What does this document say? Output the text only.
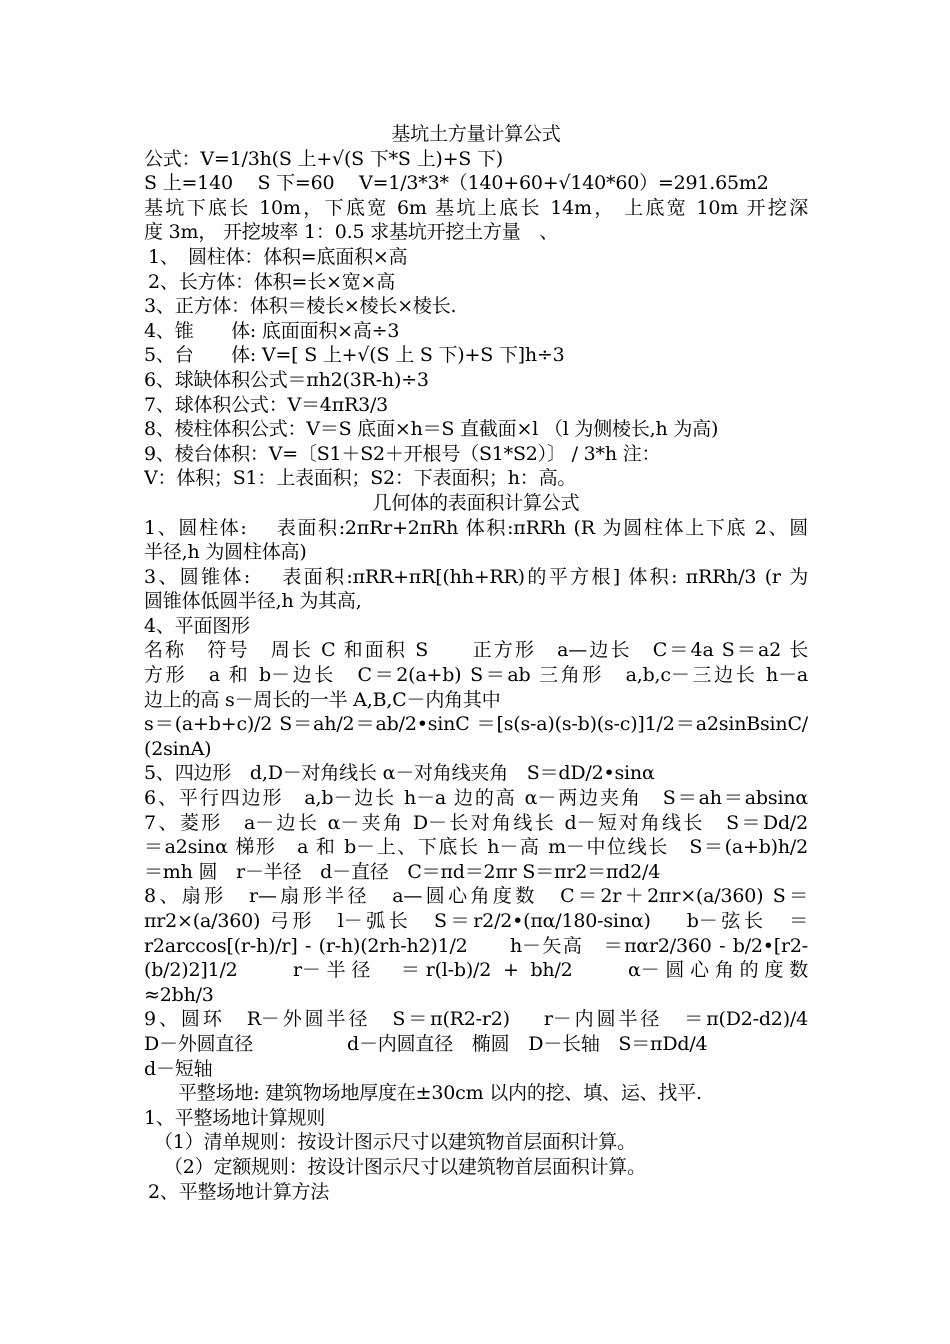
基坑土方量计算公式
公式：V=1/3h(S 上+√(S 下*S 上)+S 下)
S 上=140　 S 下=60　 V=1/3*3*（140+60+√140*60）=291.65m2
基坑下底长 10m，下底宽 6m 基坑上底长 14m， 上底宽 10m 开挖深
度 3m， 开挖坡率 1：0.5 求基坑开挖土方量　、
1、　圆柱体：体积=底面积×高
2、长方体：体积=长×宽×高
3、正方体：体积＝棱长×棱长×棱长.
4、锥　　体: 底面面积×高÷3
5、台　　体: V=[ S 上+√(S 上 S 下)+S 下]h÷3
6、球缺体积公式＝πh2(3R-h)÷3
7、球体积公式：V＝4πR3/3
8、棱柱体积公式：V＝S 底面×h＝S 直截面×l （l 为侧棱长,h 为高)
9、棱台体积：V=〔S1＋S2＋开根号（S1*S2）〕 / 3*h 注：
V：体积；S1：上表面积；S2：下表面积；h：高。
几何体的表面积计算公式
1、圆柱体:　 表面积:2πRr+2πRh 体积:πRRh (R 为圆柱体上下底 2、圆
半径,h 为圆柱体高)
3、圆锥体:　 表面积:πRR+πR[(hh+RR)的平方根] 体积: πRRh/3 (r 为
圆锥体低圆半径,h 为其高,
4、平面图形
名称　符号　周长 C 和面积 S　　正方形　a—边长　C＝4a S＝a2 长
方形　a 和 b－边长　C＝2(a+b) S＝ab 三角形　a,b,c－三边长 h－a
边上的高 s－周长的一半 A,B,C－内角其中
s＝(a+b+c)/2 S＝ah/2＝ab/2•sinC ＝[s(s-a)(s-b)(s-c)]1/2＝a2sinBsinC/
(2sinA)
5、四边形　d,D－对角线长 α－对角线夹角　S＝dD/2•sinα
6、平行四边形　a,b－边长 h－a 边的高 α－两边夹角　S＝ah＝absinα
7、菱形　a－边长 α－夹角 D－长对角线长 d－短对角线长　S＝Dd/2
＝a2sinα 梯形　a 和 b－上、下底长 h－高 m－中位线长　S＝(a+b)h/2
＝mh 圆　r－半径　d－直径　C＝πd＝2πr S＝πr2＝πd2/4
8、扇形　r—扇形半径　a—圆心角度数　C＝2r＋2πr×(a/360) S＝
πr2×(a/360) 弓形　l－弧长　S＝r2/2•(πα/180-sinα)　 b－弦长　＝
r2arccos[(r-h)/r] - (r-h)(2rh-h2)1/2　　h－矢高　＝παr2/360 - b/2•[r2-
(b/2)2]1/2　　r－半径　＝r(l-b)/2 + bh/2　　α－圆心角的度数
≈2bh/3
9、圆环　R－外圆半径　S＝π(R2-r2)　 r－内圆半径　＝π(D2-d2)/4
D－外圆直径　　　　　d－内圆直径　椭圆　D－长轴　S＝πDd/4
d－短轴
平整场地: 建筑物场地厚度在±30cm 以内的挖、填、运、找平.
1、平整场地计算规则
（1）清单规则：按设计图示尺寸以建筑物首层面积计算。
（2）定额规则：按设计图示尺寸以建筑物首层面积计算。
2、平整场地计算方法
